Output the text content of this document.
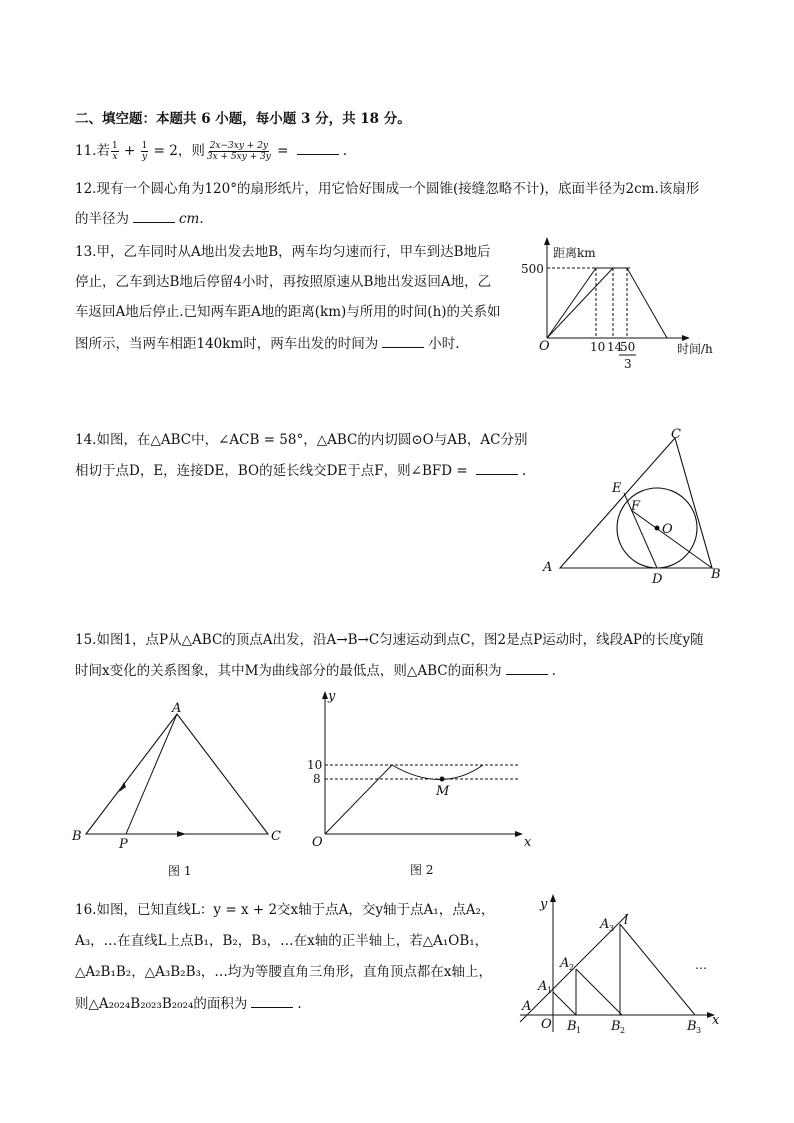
二、填空题：本题共 6 小题，每小题 3 分，共 18 分。
11.若 $\frac{1}{x} + \frac{1}{y} = 2$，则 $\frac{2x-3xy + 2y}{3x + 5xy + 3y}$ =	.
12.现有一个圆心角为120°的扇形纸片，用它恰好围成一个圆锥(接缝忽略不计)，底面半径为2cm.该扇形
的半径为	cm.
13.甲，乙车同时从A地出发去地B，两车均匀速而行，甲车到达B地后
停止，乙车到达B地后停留4小时，再按照原速从B地出发返回A地，乙
车返回A地后停止.已知两车距A地的距离(km)与所用的时间(h)的关系如
图所示，当两车相距140km时，两车出发的时间为	小时.
距离km
时间/h
O
500
10 14
50
3
14.如图，在△ABC中，∠ACB = 58°，△ABC的内切圆⊙O与AB，AC分别
相切于点D，E，连接DE，BO的延长线交DE于点F，则∠BFD =	.
A	B
C
D
E
F
O
15.如图1，点P从△ABC的顶点A出发，沿A→B→C匀速运动到点C，图2是点P运动时，线段AP的长度y随
时间x变化的关系图象，其中M为曲线部分的最低点，则△ABC的面积为	.
A
B	C
P
图 1
y
x
O
10
8
M
图 2
16.如图，已知直线L：y = x + 2交x轴于点A，交y轴于点A₁，点A₂，
A₃，…在直线L上点B₁，B₂，B₃，…在x轴的正半轴上，若△A₁OB₁，
△A₂B₁B₂，△A₃B₂B₃，…均为等腰直角三角形，直角顶点都在x轴上，
则△A₂₀₂₄B₂₀₂₃B₂₀₂₄的面积为	.
y
x
l
A
O
A 1
A 2
A 3
B 1 B 2	B 3
…
